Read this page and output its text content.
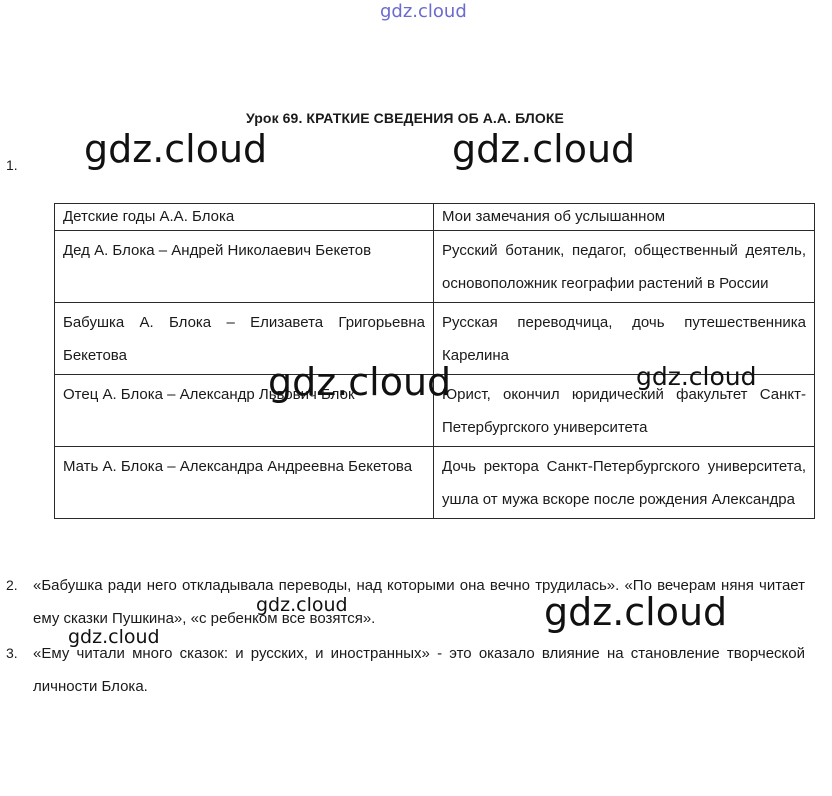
gdz.cloud
Урок 69. КРАТКИЕ СВЕДЕНИЯ ОБ А.А. БЛОКЕ
1.
Детские годы А.А. Блока	Мои замечания об услышанном
Дед А. Блока – Андрей Николаевич Бекетов	Русский ботаник, педагог, общественный деятель, основоположник географии растений в России
Бабушка А. Блока – Елизавета Григорьевна Бекетова	Русская переводчица, дочь путешественника Карелина
Отец А. Блока – Александр Львович Блок	Юрист, окончил юридический факультет Санкт-Петербургского университета
Мать А. Блока – Александра Андреевна Бекетова	Дочь ректора Санкт-Петербургского университета, ушла от мужа вскоре после рождения Александра
2. «Бабушка ради него откладывала переводы, над которыми она вечно трудилась». «По вечерам няня читает ему сказки Пушкина», «с ребенком все возятся».
3. «Ему читали много сказок: и русских, и иностранных» - это оказало влияние на становление творческой личности Блока.
gdz.cloud	gdz.cloud
gdz.cloud	gdz.cloud
gdz.cloud	gdz.cloud
gdz.cloud
